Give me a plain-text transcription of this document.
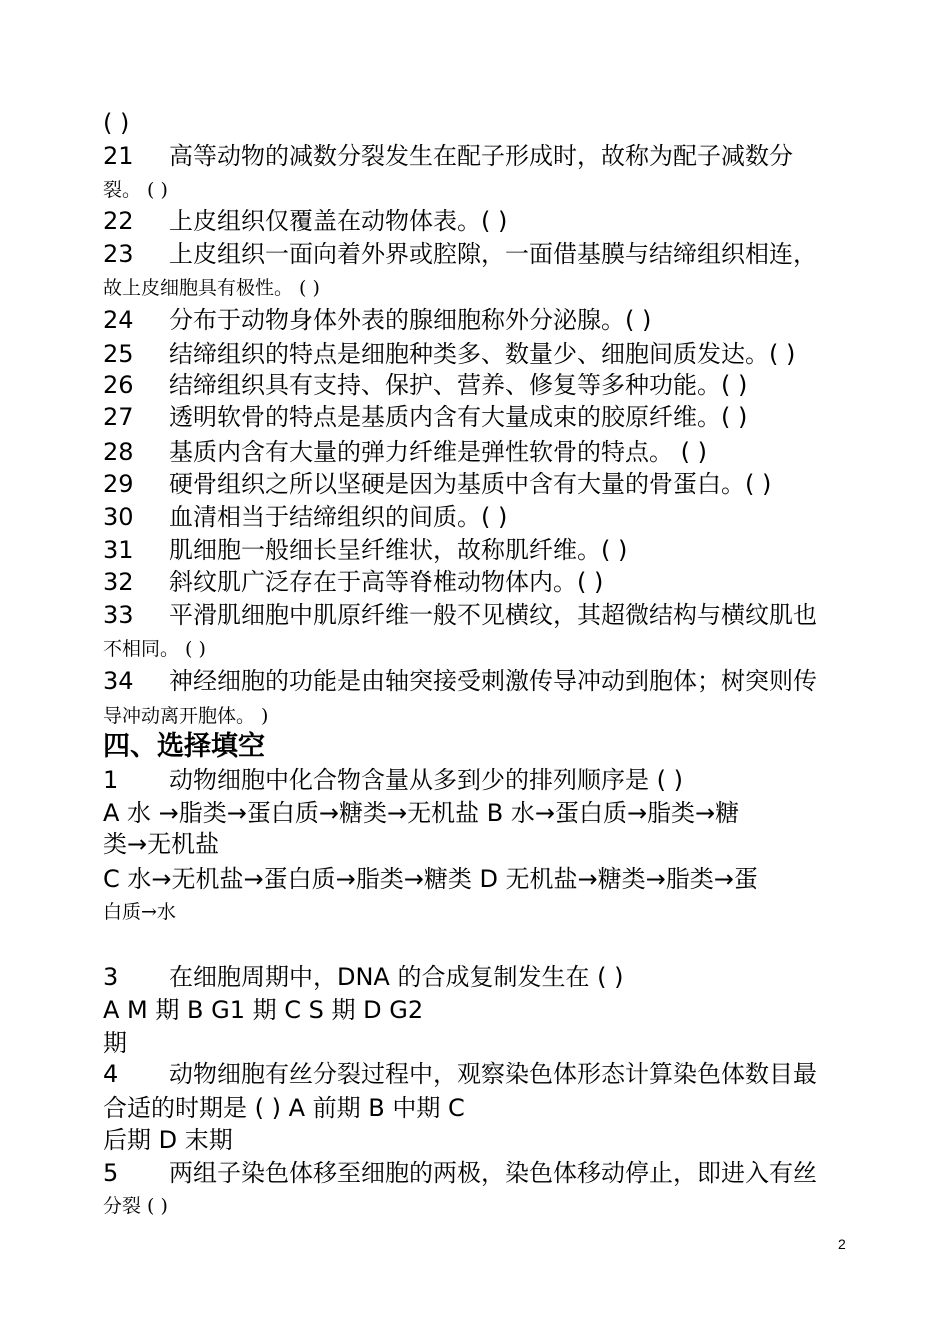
( )
21 高等动物的减数分裂发生在配子形成时，故称为配子减数分
裂。 ( )
22 上皮组织仅覆盖在动物体表。( )
23 上皮组织一面向着外界或腔隙，一面借基膜与结缔组织相连，
故上皮细胞具有极性。 ( )
24 分布于动物身体外表的腺细胞称外分泌腺。( )
25 结缔组织的特点是细胞种类多、数量少、细胞间质发达。( )
26 结缔组织具有支持、保护、营养、修复等多种功能。( )
27 透明软骨的特点是基质内含有大量成束的胶原纤维。( )
28 基质内含有大量的弹力纤维是弹性软骨的特点。 ( )
29 硬骨组织之所以坚硬是因为基质中含有大量的骨蛋白。( )
30 血清相当于结缔组织的间质。( )
31 肌细胞一般细长呈纤维状，故称肌纤维。( )
32 斜纹肌广泛存在于高等脊椎动物体内。( )
33 平滑肌细胞中肌原纤维一般不见横纹，其超微结构与横纹肌也
不相同。 ( )
34 神经细胞的功能是由轴突接受刺激传导冲动到胞体；树突则传
导冲动离开胞体。 )
四、选择填空
1 动物细胞中化合物含量从多到少的排列顺序是 ( )
A 水 →脂类→蛋白质→糖类→无机盐 B 水→蛋白质→脂类→糖
类→无机盐
C 水→无机盐→蛋白质→脂类→糖类 D 无机盐→糖类→脂类→蛋
白质→水
3 在细胞周期中，DNA 的合成复制发生在 ( )
A M 期 B G1 期 C S 期 D G2
期
4 动物细胞有丝分裂过程中，观察染色体形态计算染色体数目最
合适的时期是 ( ) A 前期 B 中期 C
后期 D 末期
5 两组子染色体移至细胞的两极，染色体移动停止，即进入有丝
分裂 ( )
2
